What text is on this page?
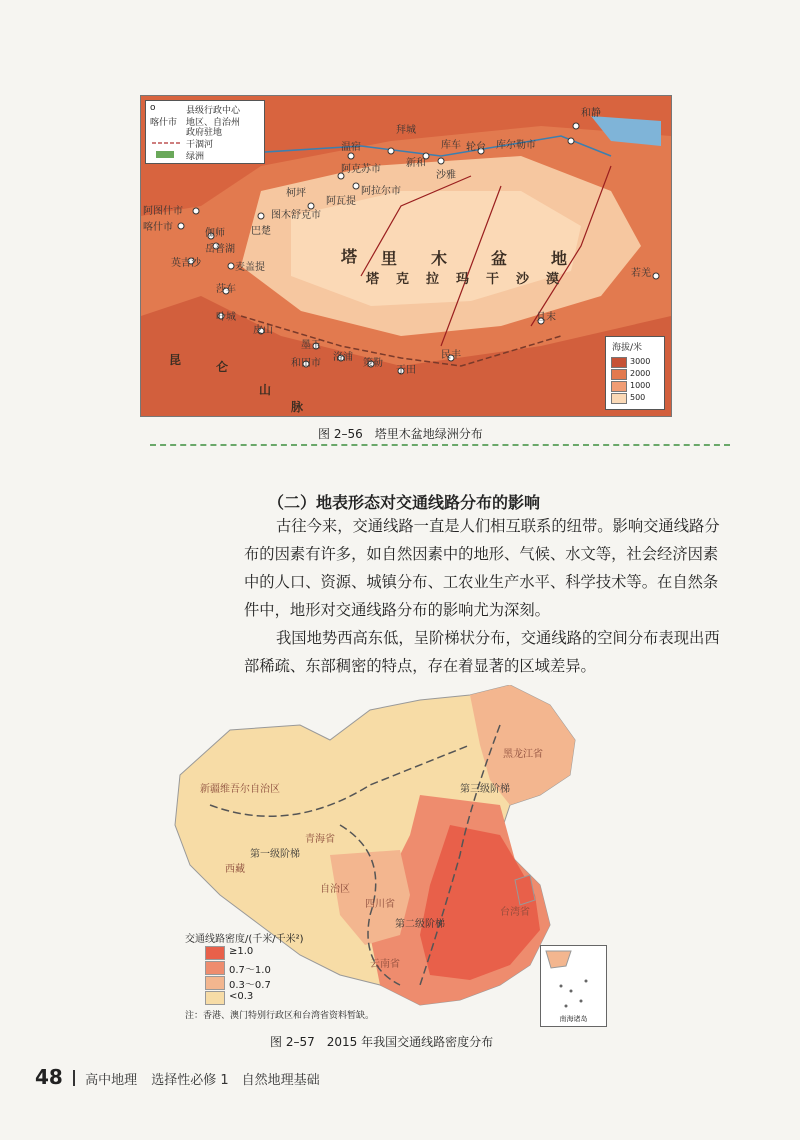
o	县级行政中心
地区、自治州
喀什市
政府驻地
干涸河
绿洲
海拔/米
3000
2000
1000
500
塔 里 木	盆	地
塔 克 拉 玛 干 沙 漠
昆	仑
山
脉
和静
库尔勒市
阿克苏市
温宿
拜城
库车
新和
沙雅
轮台
柯坪
阿瓦提
阿拉尔市
巴楚
图木舒克市
阿图什市
喀什市
伽师
岳普湖
英吉沙	麦盖提
莎车
叶城
皮山
墨玉
和田市
洛浦
策勒
于田
民丰
且末
若羌
图 2–56　塔里木盆地绿洲分布
（二）地表形态对交通线路分布的影响
古往今来，交通线路一直是人们相互联系的纽带。影响交通线路分布的因素有许多，如自然因素中的地形、气候、水文等，社会经济因素中的人口、资源、城镇分布、工农业生产水平、科学技术等。在自然条件中，地形对交通线路分布的影响尤为深刻。
我国地势西高东低，呈阶梯状分布，交通线路的空间分布表现出西部稀疏、东部稠密的特点，存在着显著的区域差异。
新疆维吾尔自治区
黑龙江省
青海省
西藏
自治区
四川省
云南省
台湾省
第一级阶梯
第二级阶梯
第三级阶梯
交通线路密度/(千米/千米²)
≥1.0
0.7～1.0
0.3～0.7
<0.3
注：香港、澳门特别行政区和台湾省资料暂缺。	南海诸岛
图 2–57　2015 年我国交通线路密度分布
48 高中地理 选择性必修 1　自然地理基础
